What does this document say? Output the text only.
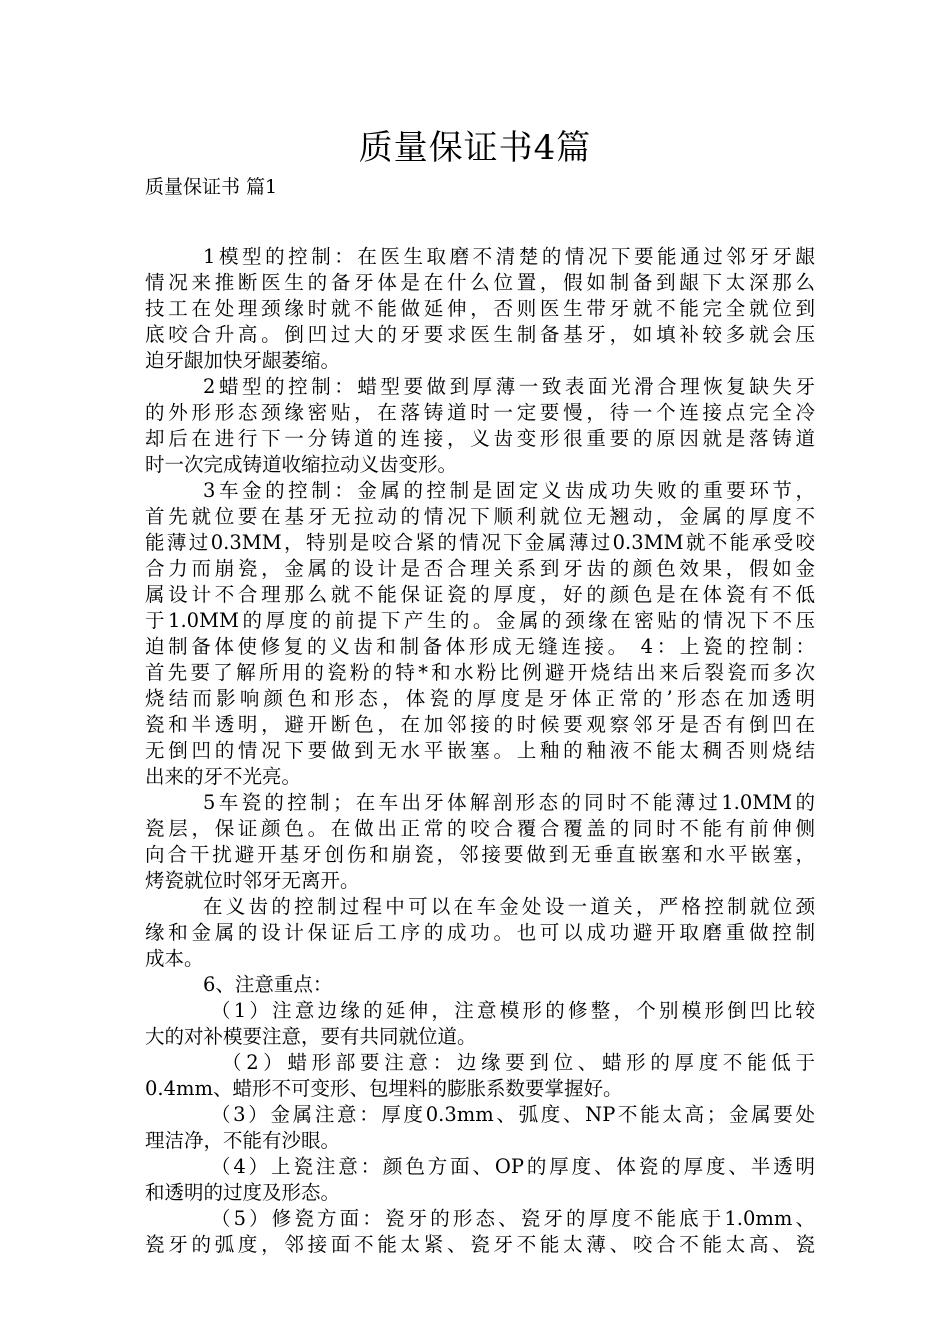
质量保证书4篇
质量保证书 篇1
1模型的控制：在医生取磨不清楚的情况下要能通过邻牙牙龈
情况来推断医生的备牙体是在什么位置，假如制备到龈下太深那么
技工在处理颈缘时就不能做延伸，否则医生带牙就不能完全就位到
底咬合升高。倒凹过大的牙要求医生制备基牙，如填补较多就会压
迫牙龈加快牙龈萎缩。
2蜡型的控制：蜡型要做到厚薄一致表面光滑合理恢复缺失牙
的外形形态颈缘密贴，在落铸道时一定要慢，待一个连接点完全冷
却后在进行下一分铸道的连接，义齿变形很重要的原因就是落铸道
时一次完成铸道收缩拉动义齿变形。
3车金的控制：金属的控制是固定义齿成功失败的重要环节，
首先就位要在基牙无拉动的情况下顺利就位无翘动，金属的厚度不
能薄过0.3MM，特别是咬合紧的情况下金属薄过0.3MM就不能承受咬
合力而崩瓷，金属的设计是否合理关系到牙齿的颜色效果，假如金
属设计不合理那么就不能保证瓷的厚度，好的颜色是在体瓷有不低
于1.0MM的厚度的前提下产生的。金属的颈缘在密贴的情况下不压
迫制备体使修复的义齿和制备体形成无缝连接。 4：上瓷的控制：
首先要了解所用的瓷粉的特*和水粉比例避开烧结出来后裂瓷而多次
烧结而影响颜色和形态，体瓷的厚度是牙体正常的’形态在加透明
瓷和半透明，避开断色，在加邻接的时候要观察邻牙是否有倒凹在
无倒凹的情况下要做到无水平嵌塞。上釉的釉液不能太稠否则烧结
出来的牙不光亮。
5车瓷的控制；在车出牙体解剖形态的同时不能薄过1.0MM的
瓷层，保证颜色。在做出正常的咬合覆合覆盖的同时不能有前伸侧
向合干扰避开基牙创伤和崩瓷，邻接要做到无垂直嵌塞和水平嵌塞，
烤瓷就位时邻牙无离开。
在义齿的控制过程中可以在车金处设一道关，严格控制就位颈
缘和金属的设计保证后工序的成功。也可以成功避开取磨重做控制
成本。
6、注意重点：
（1）注意边缘的延伸，注意模形的修整，个别模形倒凹比较
大的对补模要注意，要有共同就位道。
（2）蜡形部要注意：边缘要到位、蜡形的厚度不能低于
0.4mm、蜡形不可变形、包埋料的膨胀系数要掌握好。
（3）金属注意：厚度0.3mm、弧度、NP不能太高；金属要处
理洁净，不能有沙眼。
（4）上瓷注意：颜色方面、OP的厚度、体瓷的厚度、半透明
和透明的过度及形态。
（5）修瓷方面：瓷牙的形态、瓷牙的厚度不能底于1.0mm、
瓷牙的弧度，邻接面不能太紧、瓷牙不能太薄、咬合不能太高、瓷
